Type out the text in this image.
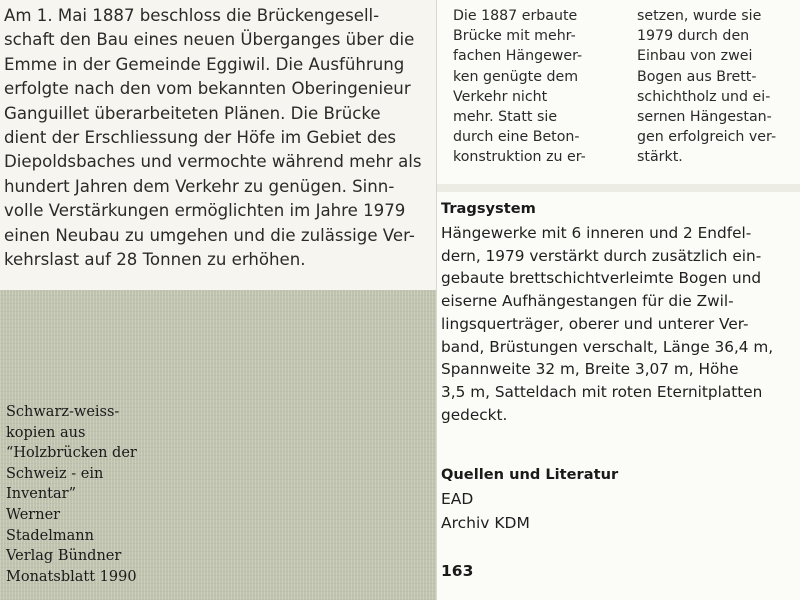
Am 1. Mai 1887 beschloss die Brückengesell-
schaft den Bau eines neuen Überganges über die
Emme in der Gemeinde Eggiwil. Die Ausführung
erfolgte nach den vom bekannten Oberingenieur
Ganguillet überarbeiteten Plänen. Die Brücke
dient der Erschliessung der Höfe im Gebiet des
Diepoldsbaches und vermochte während mehr als
hundert Jahren dem Verkehr zu genügen. Sinn-
volle Verstärkungen ermöglichten im Jahre 1979
einen Neubau zu umgehen und die zulässige Ver-
kehrslast auf 28 Tonnen zu erhöhen.

Schwarz-weiss-
kopien aus
“Holzbrücken der
Schweiz - ein
Inventar”
Werner
Stadelmann
Verlag Bündner
Monatsblatt 1990

Die 1887 erbaute
Brücke mit mehr-
fachen Hängewer-
ken genügte dem
Verkehr nicht
mehr. Statt sie
durch eine Beton-
konstruktion zu er-

setzen, wurde sie
1979 durch den
Einbau von zwei
Bogen aus Brett-
schichtholz und ei-
sernen Hängestan-
gen erfolgreich ver-
stärkt.

Tragsystem

Hängewerke mit 6 inneren und 2 Endfel-
dern, 1979 verstärkt durch zusätzlich ein-
gebaute brettschichtverleimte Bogen und
eiserne Aufhängestangen für die Zwil-
lingsquerträger, oberer und unterer Ver-
band, Brüstungen verschalt, Länge 36,4 m,
Spannweite 32 m, Breite 3,07 m, Höhe
3,5 m, Satteldach mit roten Eternitplatten
gedeckt.

Quellen und Literatur

EAD

Archiv KDM

163
